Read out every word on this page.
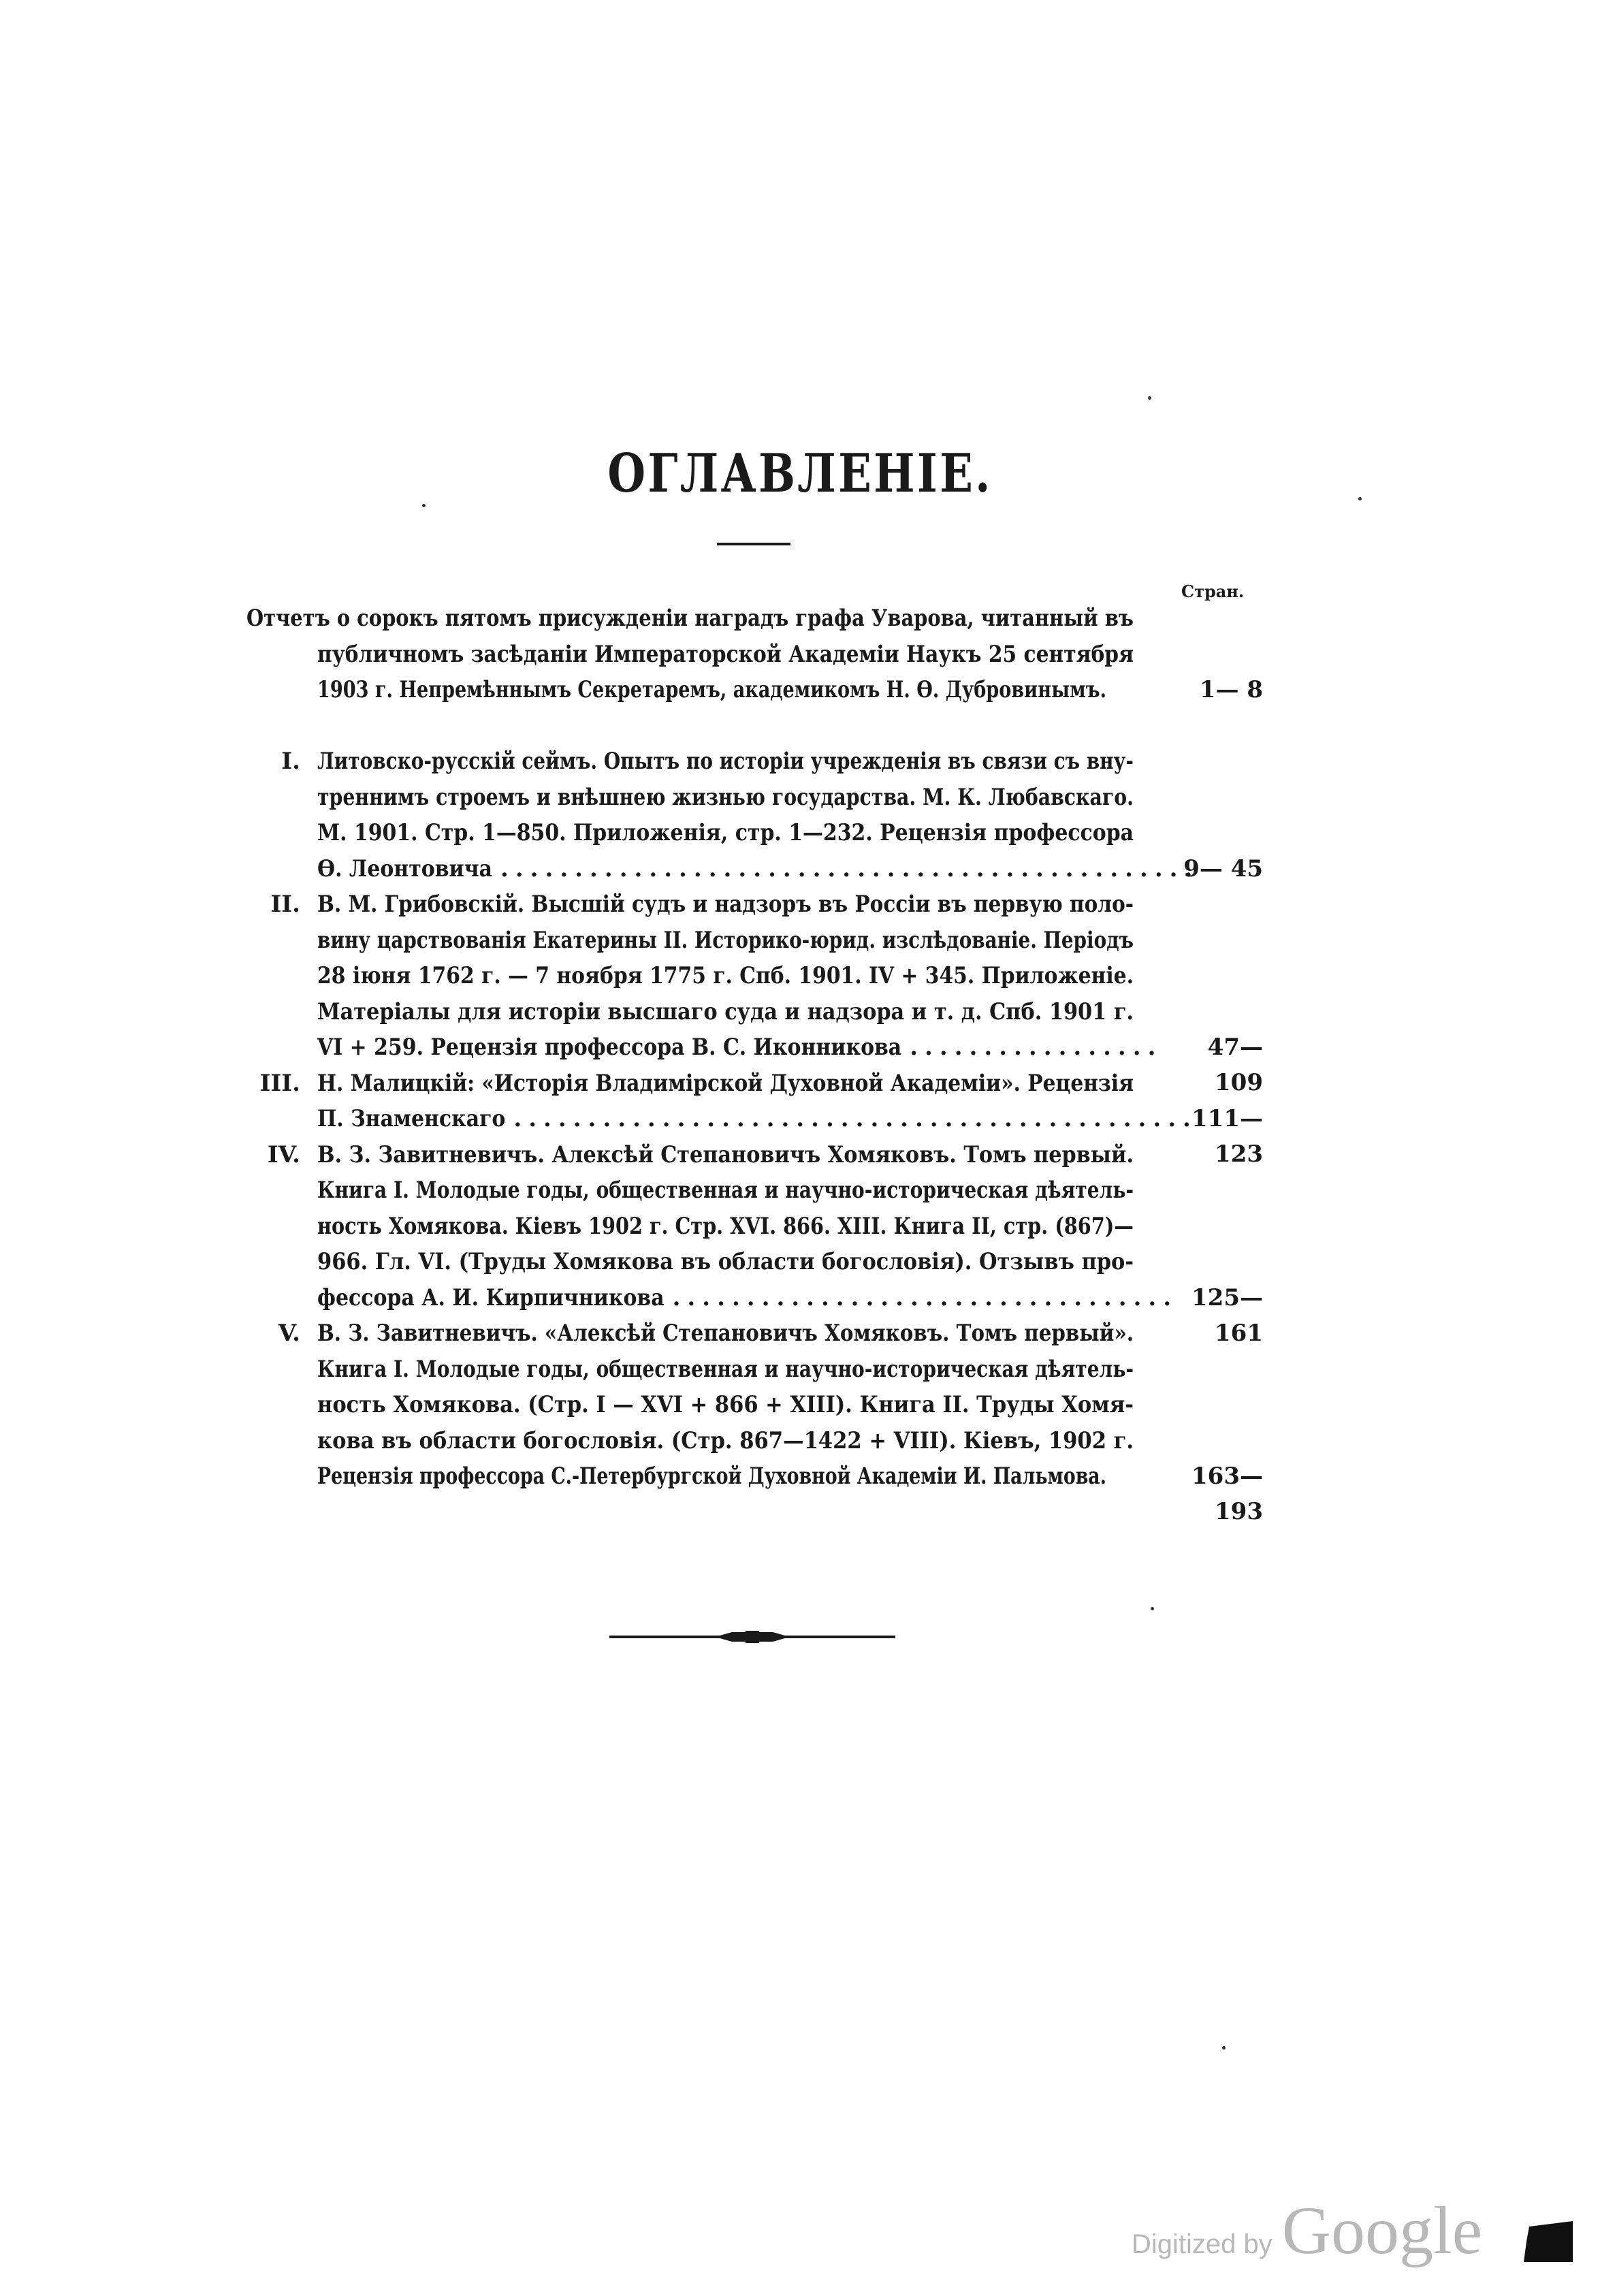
ОГЛАВЛЕНІЕ.
Стран.
Отчетъ о сорокъ пятомъ присужденіи наградъ графа Уварова, читанный въ
публичномъ засѣданіи Императорской Академіи Наукъ 25 сентября
1903 г. Непремѣннымъ Секретаремъ, академикомъ Н. Ѳ. Дубровинымъ.	1— 8
I. Литовско-русскій сеймъ. Опытъ по исторіи учрежденія въ связи съ вну-
треннимъ строемъ и внѣшнею жизнью государства. М. К. Любавскаго.
М. 1901. Стр. 1—850. Приложенія, стр. 1—232. Рецензія профессора
Ѳ. Леонтовича	9— 45
II. В. М. Грибовскій. Высшій судъ и надзоръ въ Россіи въ первую поло-
вину царствованія Екатерины II. Историко-юрид. изслѣдованіе. Періодъ
28 іюня 1762 г. — 7 ноября 1775 г. Спб. 1901. IV + 345. Приложеніе.
Матеріалы для исторіи высшаго суда и надзора и т. д. Спб. 1901 г.
VI + 259. Рецензія профессора В. С. Иконникова	47—109
III. Н. Малицкій: «Исторія Владимірской Духовной Академіи». Рецензія
П. Знаменскаго	111—123
IV. В. З. Завитневичъ. Алексѣй Степановичъ Хомяковъ. Томъ первый.
Книга I. Молодые годы, общественная и научно-историческая дѣятель-
ность Хомякова. Кіевъ 1902 г. Стр. XVI. 866. XIII. Книга II, стр. (867)—
966. Гл. VI. (Труды Хомякова въ области богословія). Отзывъ про-
фессора А. И. Кирпичникова	125—161
V. В. З. Завитневичъ. «Алексѣй Степановичъ Хомяковъ. Томъ первый».
Книга I. Молодые годы, общественная и научно-историческая дѣятель-
ность Хомякова. (Стр. I — XVI + 866 + XIII). Книга II. Труды Хомя-
кова въ области богословія. (Стр. 867—1422 + VIII). Кіевъ, 1902 г.
Рецензія профессора С.-Петербургской Духовной Академіи И. Пальмова.	163—193
...............................................
.................
..............................................
..................................
Digitized by Google
